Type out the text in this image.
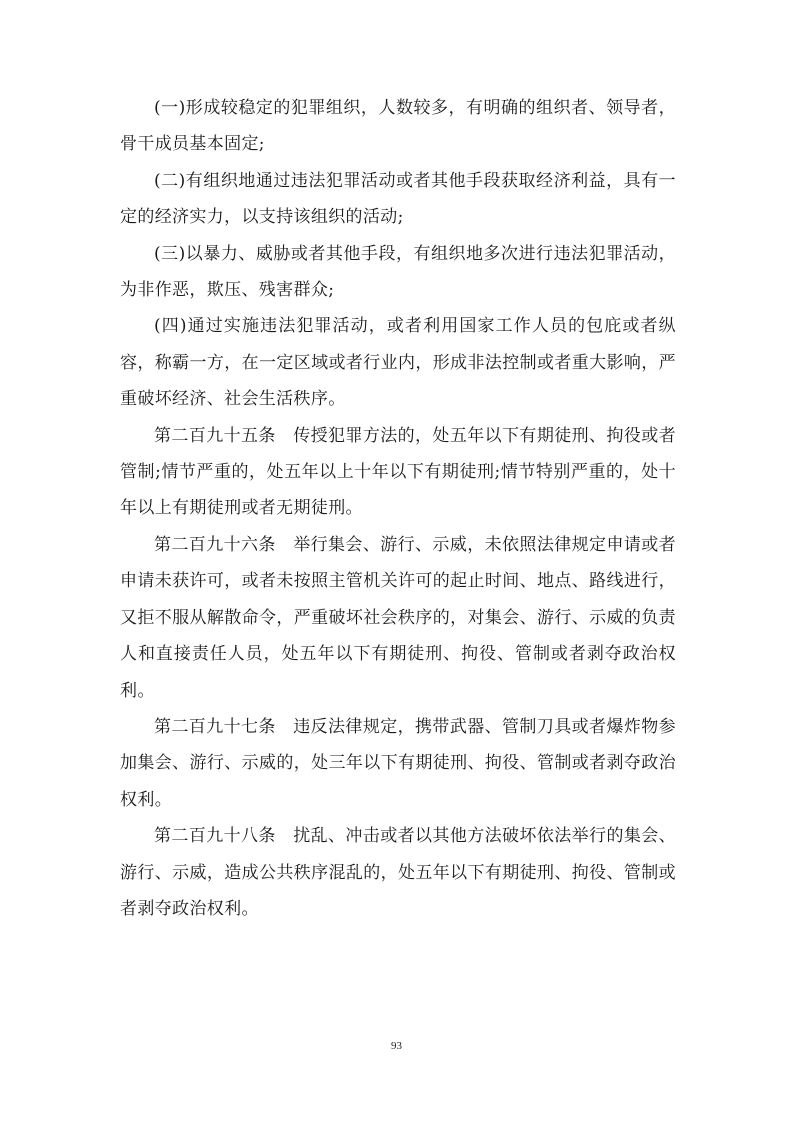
(一)形成较稳定的犯罪组织，人数较多，有明确的组织者、领导者，骨干成员基本固定;

(二)有组织地通过违法犯罪活动或者其他手段获取经济利益，具有一定的经济实力，以支持该组织的活动;

(三)以暴力、威胁或者其他手段，有组织地多次进行违法犯罪活动，为非作恶，欺压、残害群众;

(四)通过实施违法犯罪活动，或者利用国家工作人员的包庇或者纵容，称霸一方，在一定区域或者行业内，形成非法控制或者重大影响，严重破坏经济、社会生活秩序。

第二百九十五条　传授犯罪方法的，处五年以下有期徒刑、拘役或者管制;情节严重的，处五年以上十年以下有期徒刑;情节特别严重的，处十年以上有期徒刑或者无期徒刑。

第二百九十六条　举行集会、游行、示威，未依照法律规定申请或者申请未获许可，或者未按照主管机关许可的起止时间、地点、路线进行，又拒不服从解散命令，严重破坏社会秩序的，对集会、游行、示威的负责人和直接责任人员，处五年以下有期徒刑、拘役、管制或者剥夺政治权利。

第二百九十七条　违反法律规定，携带武器、管制刀具或者爆炸物参加集会、游行、示威的，处三年以下有期徒刑、拘役、管制或者剥夺政治权利。

第二百九十八条　扰乱、冲击或者以其他方法破坏依法举行的集会、游行、示威，造成公共秩序混乱的，处五年以下有期徒刑、拘役、管制或者剥夺政治权利。

93
